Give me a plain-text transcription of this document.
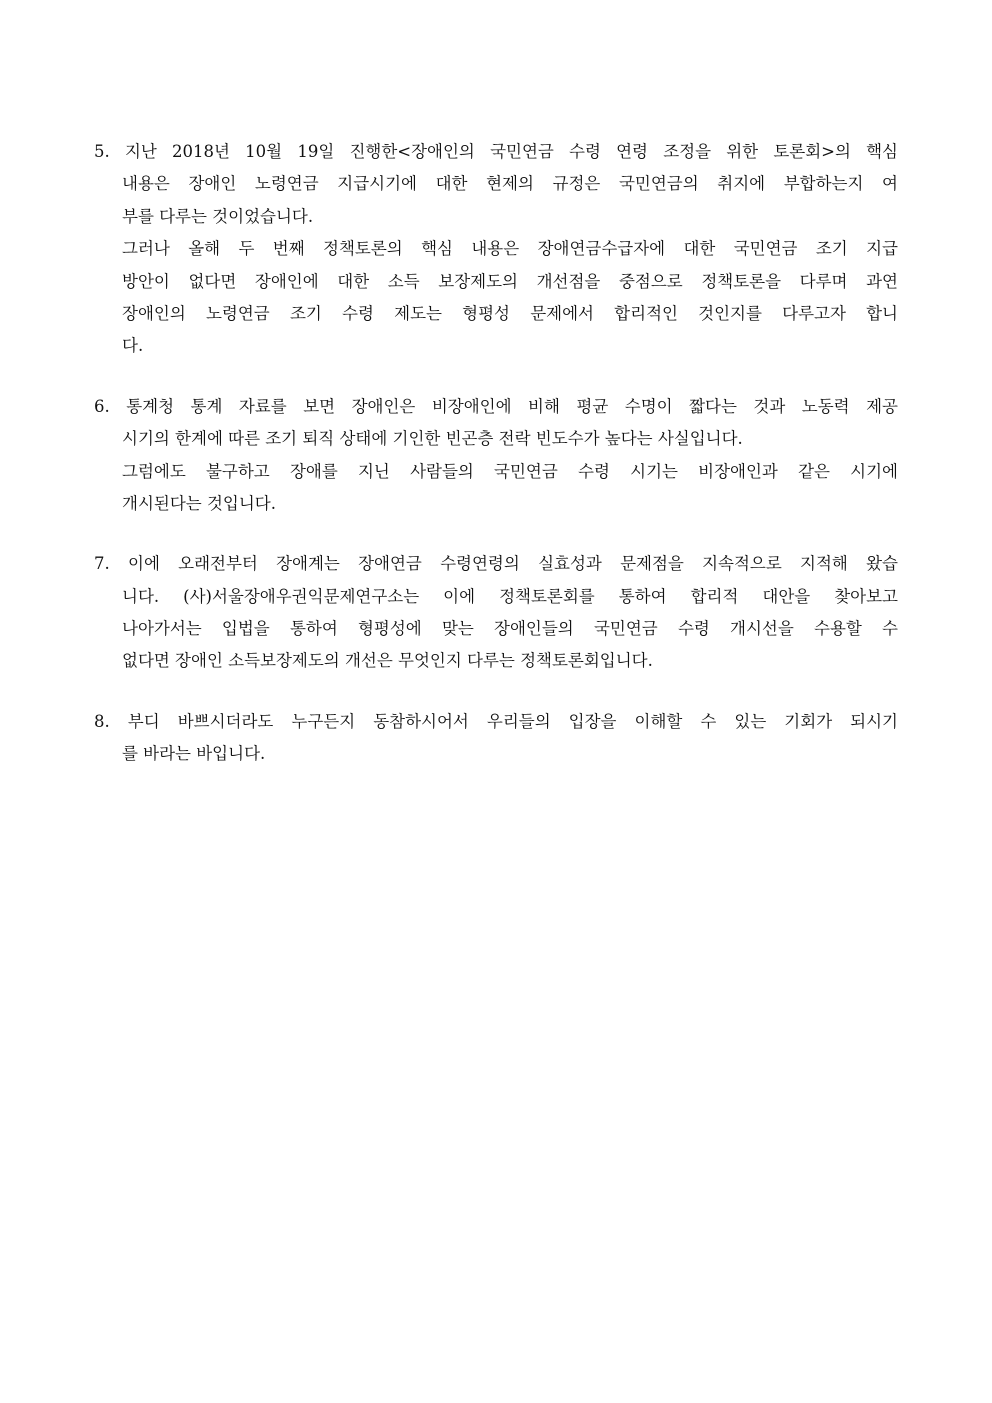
5. 지난 2018년 10월 19일 진행한<장애인의 국민연금 수령 연령 조정을 위한 토론회>의 핵심
내용은 장애인 노령연금 지급시기에 대한 현제의 규정은 국민연금의 취지에 부합하는지 여
부를 다루는 것이었습니다.
그러나 올해 두 번째 정책토론의 핵심 내용은 장애연금수급자에 대한 국민연금 조기 지급
방안이 없다면 장애인에 대한 소득 보장제도의 개선점을 중점으로 정책토론을 다루며 과연
장애인의 노령연금 조기 수령 제도는 형평성 문제에서 합리적인 것인지를 다루고자 합니
다.
6. 통계청 통계 자료를 보면 장애인은 비장애인에 비해 평균 수명이 짧다는 것과 노동력 제공
시기의 한계에 따른 조기 퇴직 상태에 기인한 빈곤층 전락 빈도수가 높다는 사실입니다.
그럼에도 불구하고 장애를 지닌 사람들의 국민연금 수령 시기는 비장애인과 같은 시기에
개시된다는 것입니다.
7. 이에 오래전부터 장애계는 장애연금 수령연령의 실효성과 문제점을 지속적으로 지적해 왔습
니다. (사)서울장애우권익문제연구소는 이에 정책토론회를 통하여 합리적 대안을 찾아보고
나아가서는 입법을 통하여 형평성에 맞는 장애인들의 국민연금 수령 개시선을 수용할 수
없다면 장애인 소득보장제도의 개선은 무엇인지 다루는 정책토론회입니다.
8. 부디 바쁘시더라도 누구든지 동참하시어서 우리들의 입장을 이해할 수 있는 기회가 되시기
를 바라는 바입니다.
